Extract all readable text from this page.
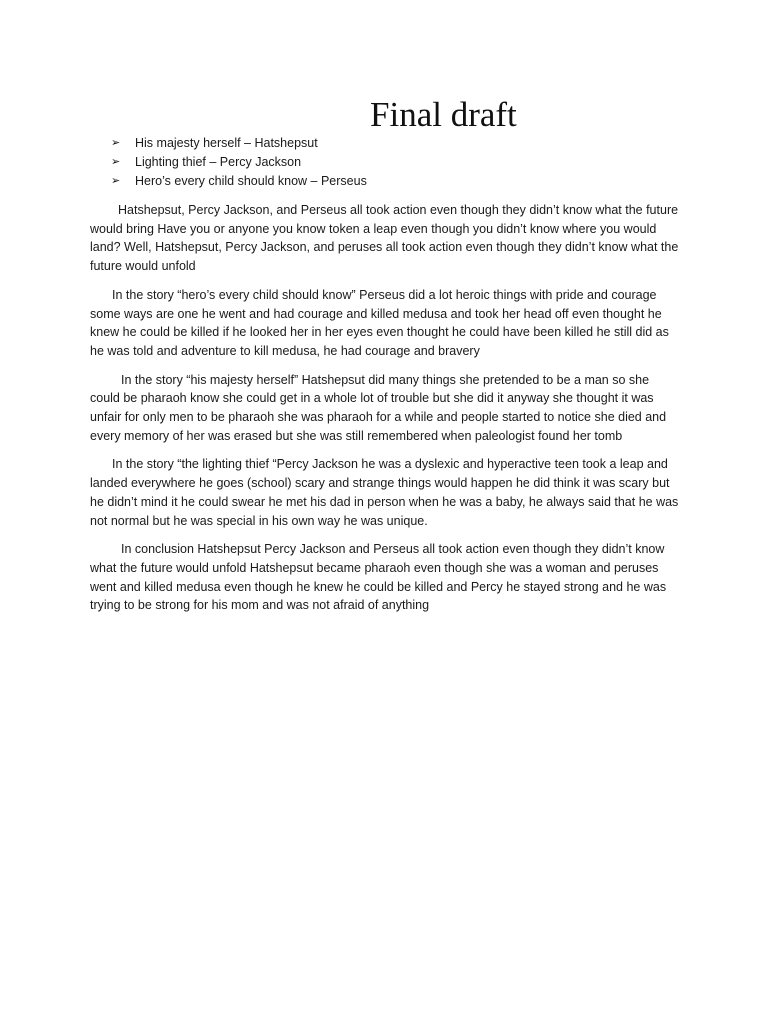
Final draft
➢	His majesty herself – Hatshepsut
➢	Lighting thief – Percy Jackson
➢	Hero’s every child should know – Perseus

Hatshepsut, Percy Jackson, and Perseus all took action even though they didn’t know what the future would bring Have you or anyone you know token a leap even though you didn’t know where you would land? Well, Hatshepsut, Percy Jackson, and peruses all took action even though they didn’t know what the future would unfold

In the story “hero’s every child should know” Perseus did a lot heroic things with pride and courage some ways are one he went and had courage and killed medusa and took her head off even thought he knew he could be killed if he looked her in her eyes even thought he could have been killed he still did as he was told and adventure to kill medusa, he had courage and bravery

In the story “his majesty herself” Hatshepsut did many things she pretended to be a man so she could be pharaoh know she could get in a whole lot of trouble but she did it anyway she thought it was unfair for only men to be pharaoh she was pharaoh for a while and people started to notice she died and every memory of her was erased but she was still remembered when paleologist found her tomb

In the story “the lighting thief “Percy Jackson he was a dyslexic and hyperactive teen took a leap and landed everywhere he goes (school) scary and strange things would happen he did think it was scary but he didn’t mind it he could swear he met his dad in person when he was a baby, he always said that he was not normal but he was special in his own way he was unique.

In conclusion Hatshepsut Percy Jackson and Perseus all took action even though they didn’t know what the future would unfold Hatshepsut became pharaoh even though she was a woman and peruses went and killed medusa even though he knew he could be killed and Percy he stayed strong and he was trying to be strong for his mom and was not afraid of anything
